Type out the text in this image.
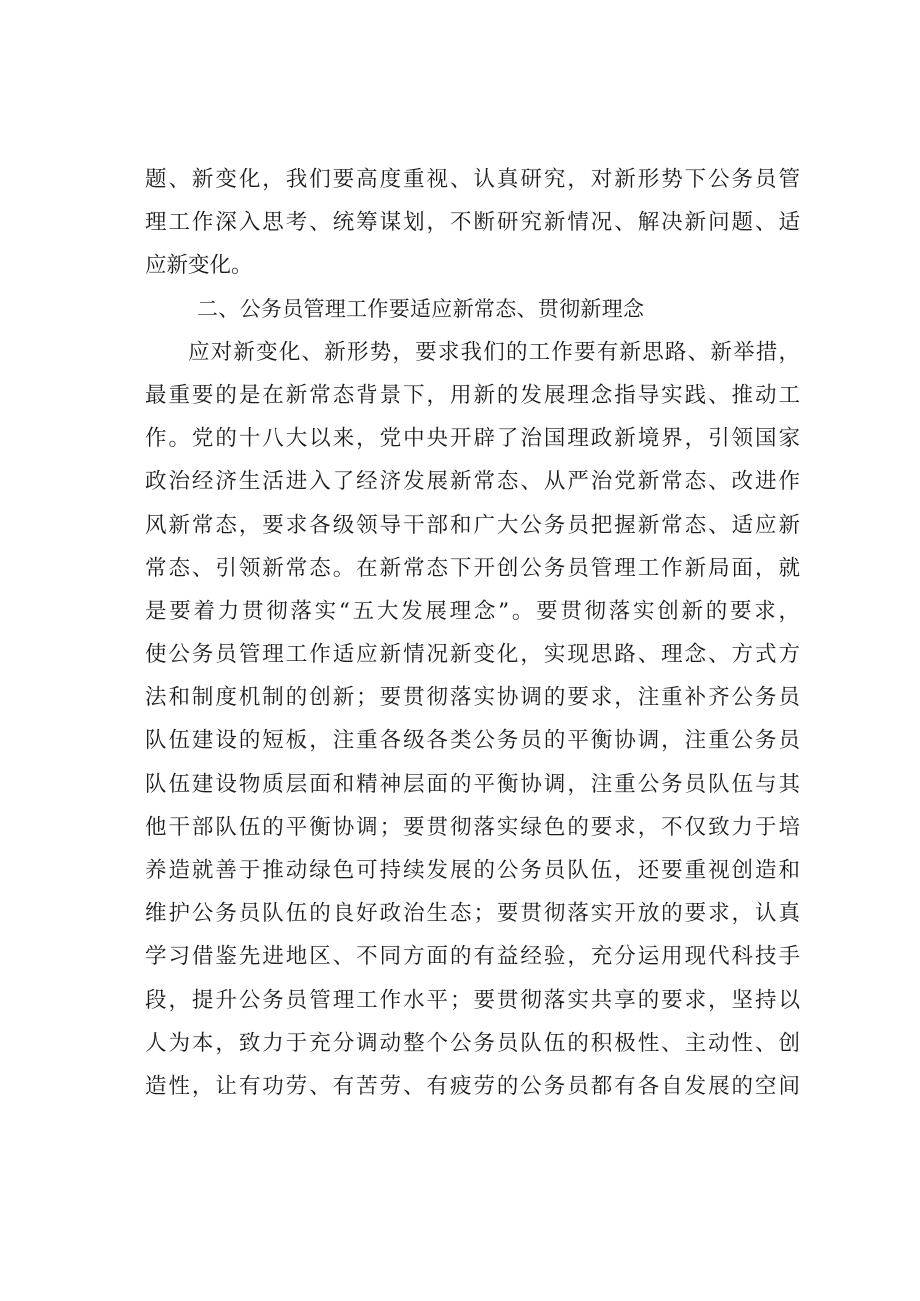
题、新变化，我们要高度重视、认真研究，对新形势下公务员管
理工作深入思考、统筹谋划，不断研究新情况、解决新问题、适
应新变化。
二、公务员管理工作要适应新常态、贯彻新理念
应对新变化、新形势，要求我们的工作要有新思路、新举措，
最重要的是在新常态背景下，用新的发展理念指导实践、推动工
作。党的十八大以来，党中央开辟了治国理政新境界，引领国家
政治经济生活进入了经济发展新常态、从严治党新常态、改进作
风新常态，要求各级领导干部和广大公务员把握新常态、适应新
常态、引领新常态。在新常态下开创公务员管理工作新局面，就
是要着力贯彻落实“五大发展理念”。要贯彻落实创新的要求，
使公务员管理工作适应新情况新变化，实现思路、理念、方式方
法和制度机制的创新；要贯彻落实协调的要求，注重补齐公务员
队伍建设的短板，注重各级各类公务员的平衡协调，注重公务员
队伍建设物质层面和精神层面的平衡协调，注重公务员队伍与其
他干部队伍的平衡协调；要贯彻落实绿色的要求，不仅致力于培
养造就善于推动绿色可持续发展的公务员队伍，还要重视创造和
维护公务员队伍的良好政治生态；要贯彻落实开放的要求，认真
学习借鉴先进地区、不同方面的有益经验，充分运用现代科技手
段，提升公务员管理工作水平；要贯彻落实共享的要求，坚持以
人为本，致力于充分调动整个公务员队伍的积极性、主动性、创
造性，让有功劳、有苦劳、有疲劳的公务员都有各自发展的空间
